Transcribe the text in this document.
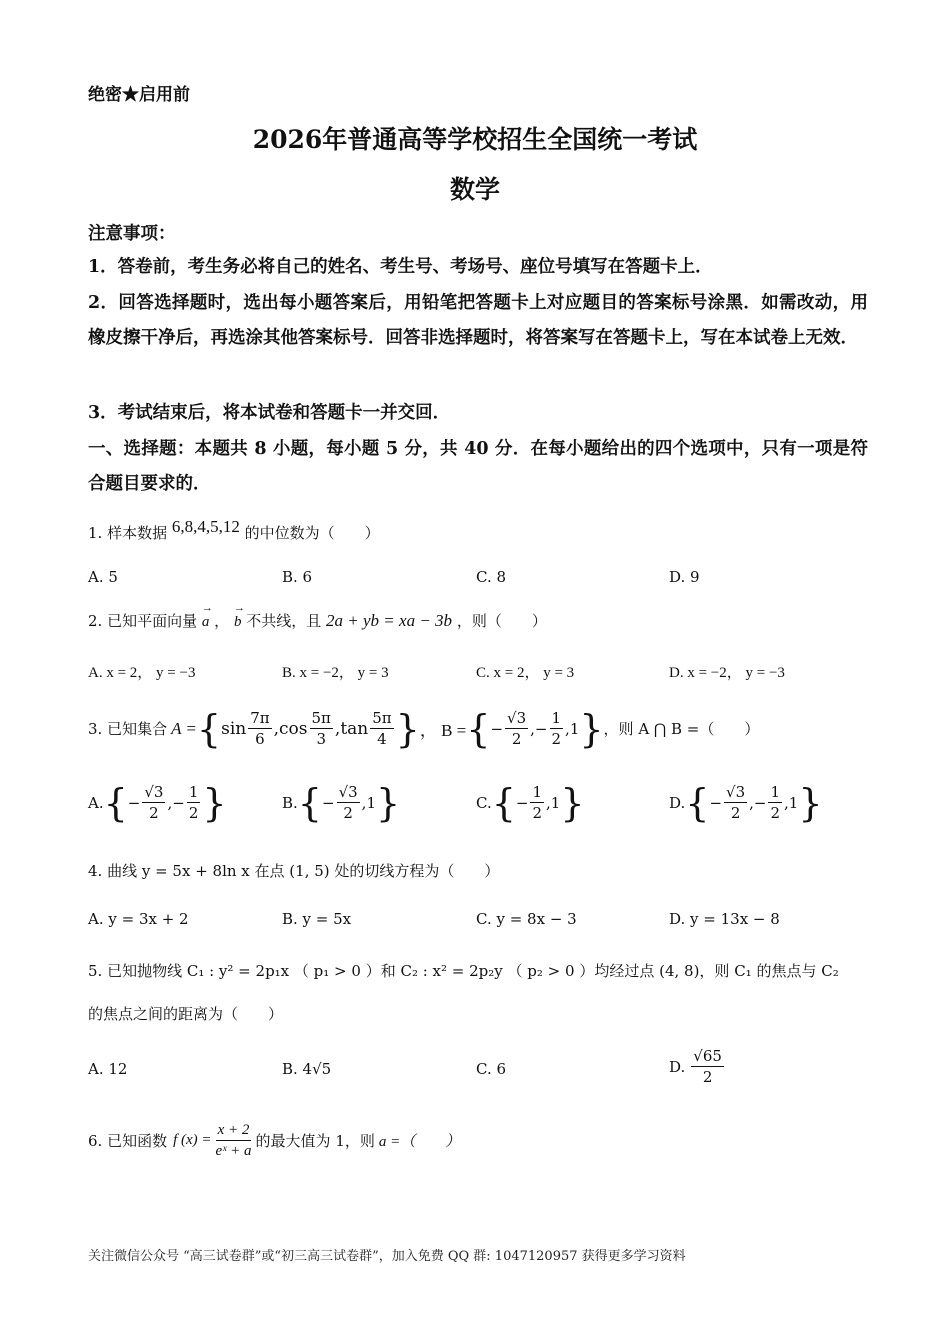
绝密★启用前
2026年普通高等学校招生全国统一考试
数学
注意事项：
1．答卷前，考生务必将自己的姓名、考生号、考场号、座位号填写在答题卡上．
2．回答选择题时，选出每小题答案后，用铅笔把答题卡上对应题目的答案标号涂黑．如需改动，用橡皮擦干净后，再选涂其他答案标号．回答非选择题时，将答案写在答题卡上，写在本试卷上无效．
3．考试结束后，将本试卷和答题卡一并交回．
一、选择题：本题共 8 小题，每小题 5 分，共 40 分．在每小题给出的四个选项中，只有一项是符合题目要求的．
1. 样本数据 6,8,4,5,12 的中位数为（　　）
A. 5	B. 6	C. 8	D. 9
2. 已知平面向量
→
a ，
→
b 不共线，且 2a + yb = xa − 3b ，则（　　）
A. x = 2， y = −3	B. x = −2， y = 3	C. x = 2， y = 3	D. x = −2， y = −3
3. 已知集合 A = { $\sin \frac{7\pi}{6} ,\cos \frac{5\pi}{3} ,\tan \frac{5\pi}{4}$ } ， B = { − $\frac{√3}{2}$ ,− $\frac{1}{2} ,1$ } ，则 A ⋂ B =（　　）
A. { − $\frac{√3}{2}$ ,− $\frac{1}{2}$ }	B. { − $\frac{√3}{2} ,1$ }	C. { − $\frac{1}{2} ,1$ }	D. { − $\frac{√3}{2}$ ,− $\frac{1}{2} ,1$ }
4. 曲线 y = 5x + 8ln x 在点 (1, 5) 处的切线方程为（　　）
A. y = 3x + 2	B. y = 5x	C. y = 8x − 3	D. y = 13x − 8
5. 已知抛物线 C₁ : y² = 2p₁x （ p₁ > 0 ）和 C₂ : x² = 2p₂y （ p₂ > 0 ）均经过点 (4, 8)，则 C₁ 的焦点与 C₂
的焦点之间的距离为（　　）
A. 12	B. 4√5	C. 6	D. $\frac{√65}{2}$
6. 已知函数 f $(x) = \frac{x + 2}{\text{eˣ + a}}$ 的最大值为 1，则 a =（　　）
关注微信公众号 “高三试卷群”或“初三高三试卷群”，加入免费 QQ 群: 1047120957 获得更多学习资料
